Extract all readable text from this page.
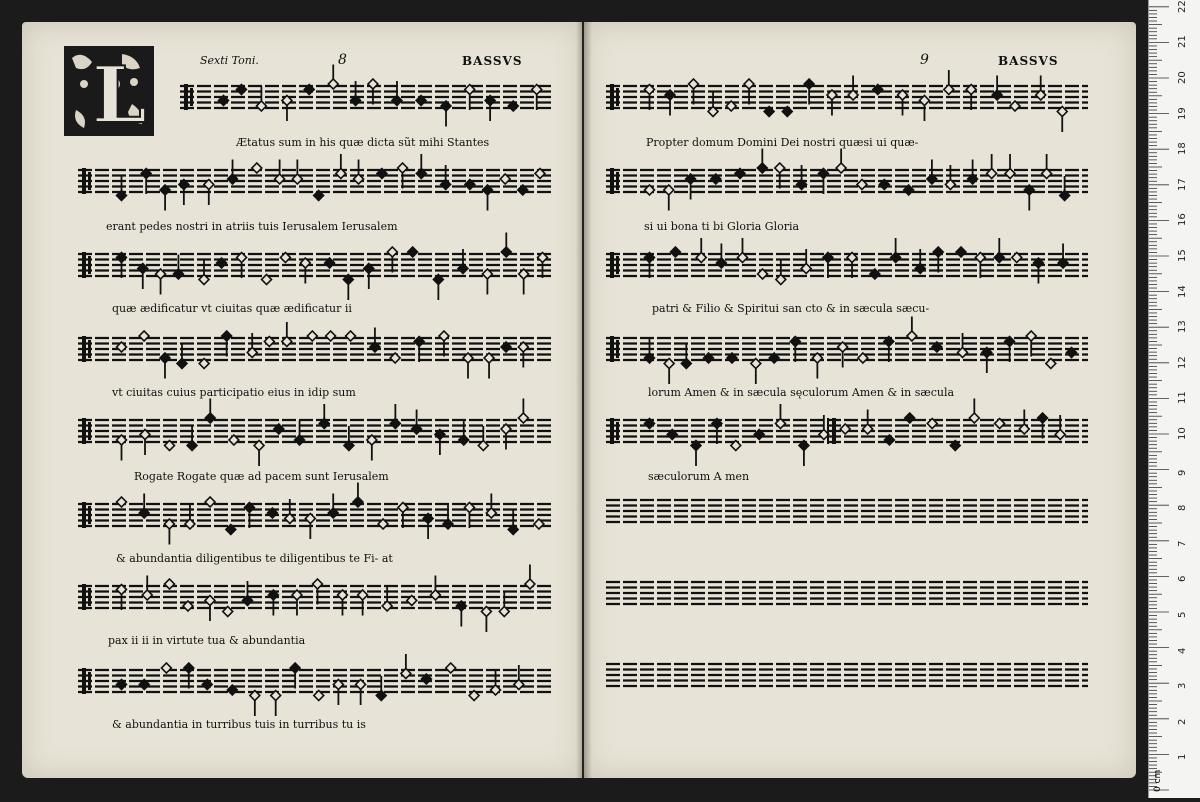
Sexti Toni.	8	BASSVS	9	BASSVS
L
Ætatus sum in his quæ dicta sũt mihi Stantes
erant pedes nostri in atriis tuis Ierusalem Ierusalem
quæ ædificatur vt ciuitas quæ ædificatur ii
vt ciuitas cuius participatio eius in idip sum
Rogate Rogate quæ ad pacem sunt Ierusalem
& abundantia diligentibus te diligentibus te Fi- at
pax ii ii in virtute tua & abundantia
& abundantia in turribus tuis in turribus tu is
Propter domum Domini Dei nostri quæsi ui quæ-
si ui bona ti bi Gloria Gloria
patri & Filio & Spiritui san cto & in sæcula sæcu-
lorum Amen & in sæcula sęculorum Amen & in sæcula
sæculorum A men
0 cm
1
2
3
4
5
6
7
8
9
10
11
12
13
14
15
16
17
18
19
20
21
22
